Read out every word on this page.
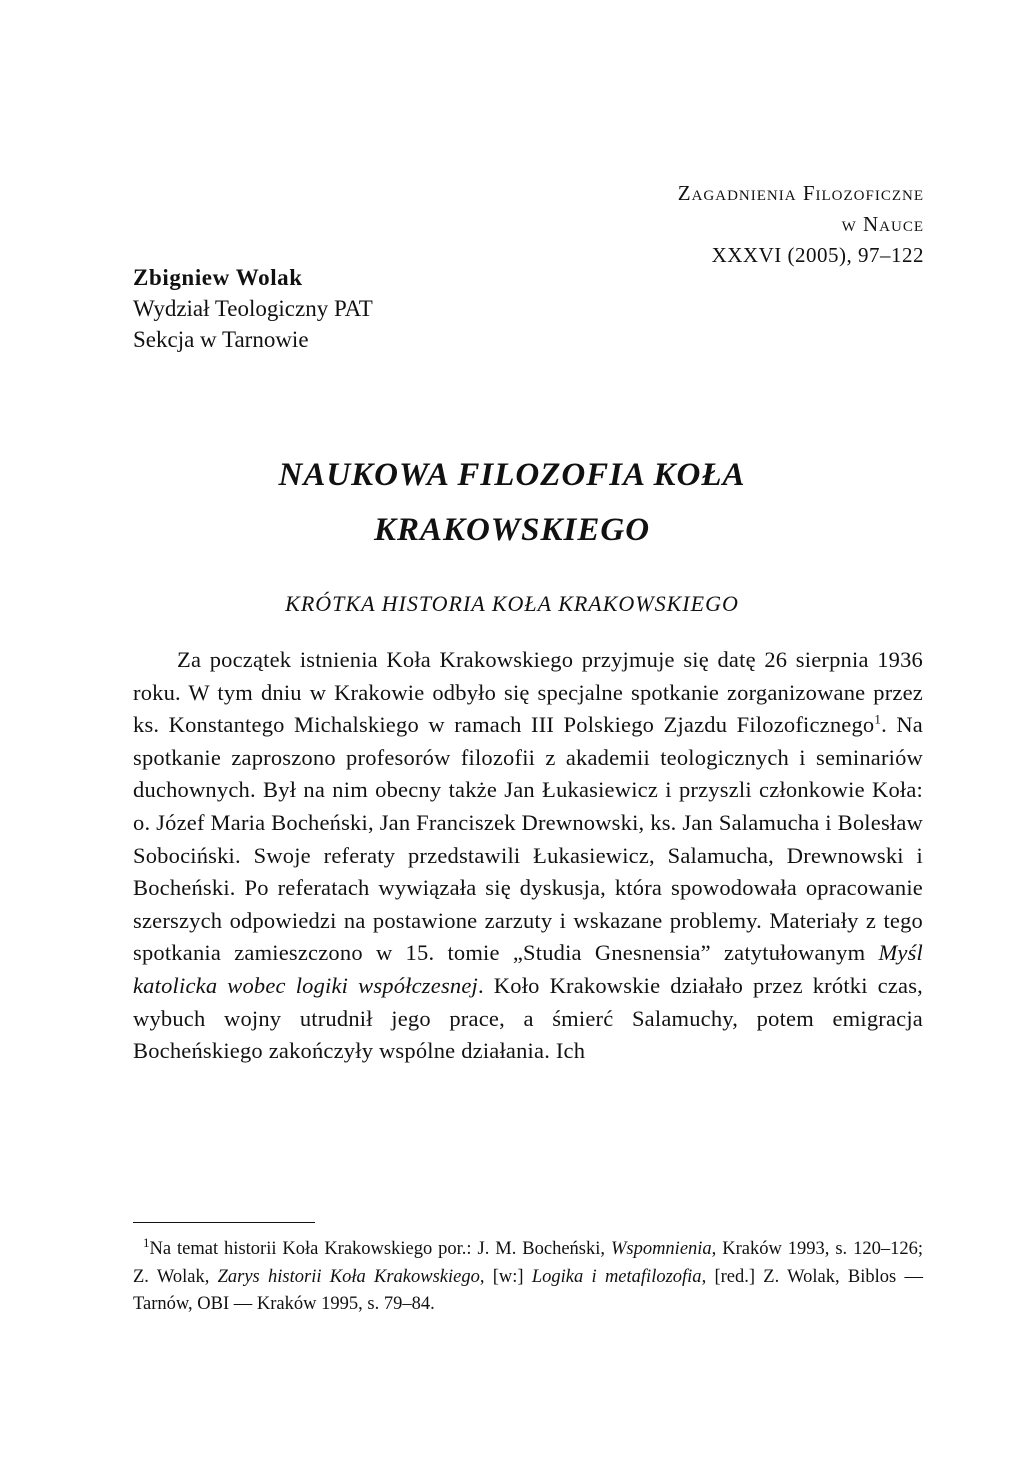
Zagadnienia Filozoficzne
w Nauce
XXXVI (2005), 97–122
Zbigniew Wolak
Wydział Teologiczny PAT
Sekcja w Tarnowie
NAUKOWA FILOZOFIA KOŁA
KRAKOWSKIEGO
KRÓTKA HISTORIA KOŁA KRAKOWSKIEGO

Za początek istnienia Koła Krakowskiego przyjmuje się datę 26 sierpnia 1936 roku. W tym dniu w Krakowie odbyło się specjalne spotkanie zorganizowane przez ks. Konstantego Michalskiego w ramach III Polskiego Zjazdu Filozoficznego$^1$. Na spotkanie zaproszono profesorów filozofii z akademii teologicznych i seminariów duchownych. Był na nim obecny także Jan Łukasiewicz i przyszli członkowie Koła: o. Józef Maria Bocheński, Jan Franciszek Drewnowski, ks. Jan Salamucha i Bolesław Sobociński. Swoje referaty przedstawili Łukasiewicz, Salamucha, Drewnowski i Bocheński. Po referatach wywiązała się dyskusja, która spowodowała opracowanie szerszych odpowiedzi na postawione zarzuty i wskazane problemy. Materiały z tego spotkania zamieszczono w 15. tomie „Studia Gnesnensia” zatytułowanym Myśl katolicka wobec logiki współczesnej. Koło Krakowskie działało przez krótki czas, wybuch wojny utrudnił jego prace, a śmierć Salamuchy, potem emigracja Bocheńskiego zakończyły wspólne działania. Ich

$^1$Na temat historii Koła Krakowskiego por.: J. M. Bocheński, Wspomnienia, Kraków 1993, s. 120–126; Z. Wolak, Zarys historii Koła Krakowskiego, [w:] Logika i metafilozofia, [red.] Z. Wolak, Biblos — Tarnów, OBI — Kraków 1995, s. 79–84.
